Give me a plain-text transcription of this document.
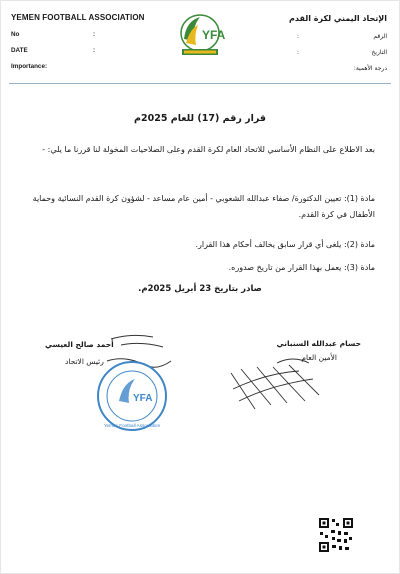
YEMEN FOOTBALL ASSOCIATION
No	:
DATE	:
Importance:
YFA
الإتحاد اليمني لكرة القدم
الرقم
:
التاريخ
:
درجة الأهمية:
قرار رقم (17) للعام 2025م
بعد الاطلاع على النظام الأساسي للاتحاد العام لكرة القدم وعلى الصلاحيات المخولة لنا قررنا ما يلي: -
مادة (1): تعيين الدكتورة/ صفاء عبدالله الشعوبي - أمين عام مساعد - لشؤون كرة القدم النسائية وحماية الأطفال في كرة القدم.
مادة (2): يلغى أي قرار سابق يخالف أحكام هذا القرار.
مادة (3): يعمل بهذا القرار من تاريخ صدوره.
صادر بتاريخ 23 أبريل 2025م.
حسام عبدالله السنباني
الأمين العام
أحمد صالح العيسي
رئيس الاتحاد
YFA
Yemen Football Association
